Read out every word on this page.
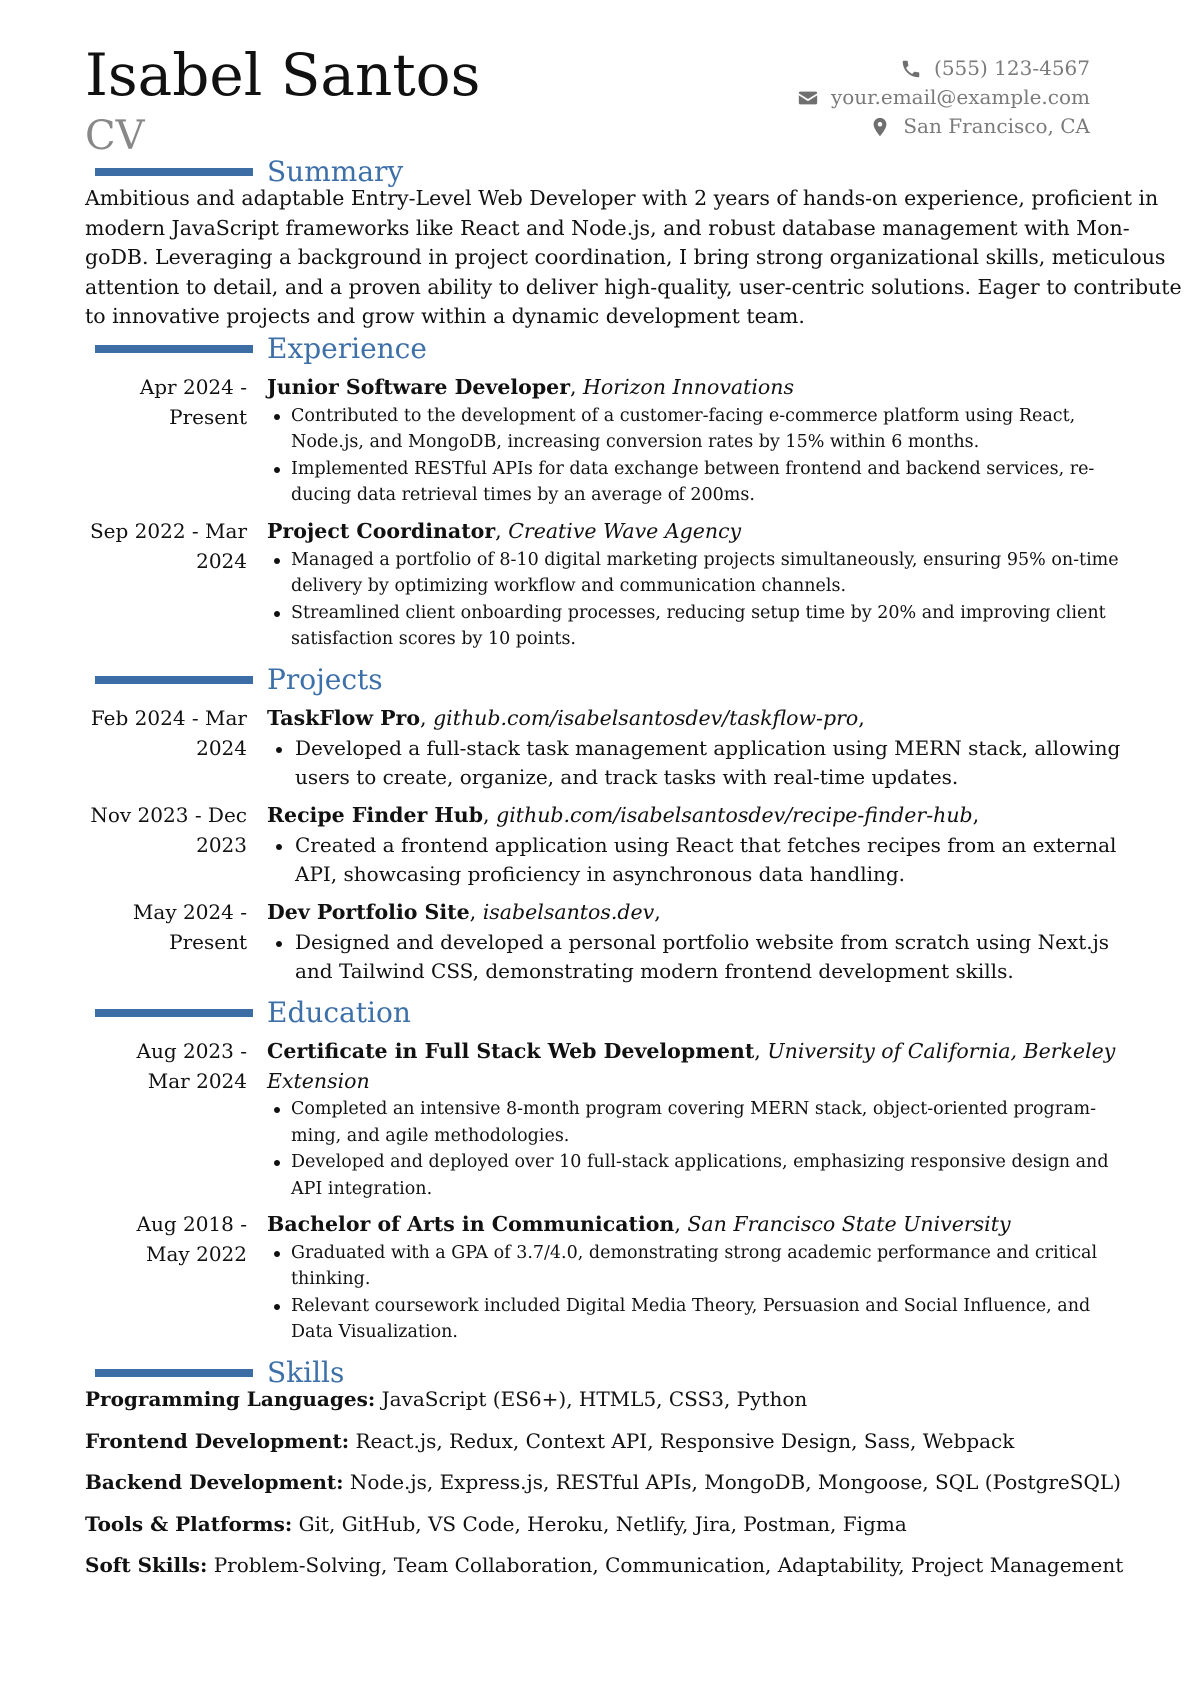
Isabel Santos
CV
(555) 123-4567
your.email@example.com
San Francisco, CA
Summary
Ambitious and adaptable Entry-Level Web Developer with 2 years of hands-on experience, proficient in
modern JavaScript frameworks like React and Node.js, and robust database management with Mon-
goDB. Leveraging a background in project coordination, I bring strong organizational skills, meticulous
attention to detail, and a proven ability to deliver high-quality, user-centric solutions. Eager to contribute
to innovative projects and grow within a dynamic development team.
Experience
Apr 2024 -
Present
Junior Software Developer, Horizon Innovations
Contributed to the development of a customer-facing e-commerce platform using React,
Node.js, and MongoDB, increasing conversion rates by 15% within 6 months.
Implemented RESTful APIs for data exchange between frontend and backend services, re-
ducing data retrieval times by an average of 200ms.
Sep 2022 - Mar
2024
Project Coordinator, Creative Wave Agency
Managed a portfolio of 8-10 digital marketing projects simultaneously, ensuring 95% on-time
delivery by optimizing workflow and communication channels.
Streamlined client onboarding processes, reducing setup time by 20% and improving client
satisfaction scores by 10 points.
Projects
Feb 2024 - Mar
2024
TaskFlow Pro, github.com/isabelsantosdev/taskflow-pro,
Developed a full-stack task management application using MERN stack, allowing
users to create, organize, and track tasks with real-time updates.
Nov 2023 - Dec
2023
Recipe Finder Hub, github.com/isabelsantosdev/recipe-finder-hub,
Created a frontend application using React that fetches recipes from an external
API, showcasing proficiency in asynchronous data handling.
May 2024 -
Present
Dev Portfolio Site, isabelsantos.dev,
Designed and developed a personal portfolio website from scratch using Next.js
and Tailwind CSS, demonstrating modern frontend development skills.
Education
Aug 2023 -
Mar 2024
Certificate in Full Stack Web Development, University of California, Berkeley
Extension
Completed an intensive 8-month program covering MERN stack, object-oriented program-
ming, and agile methodologies.
Developed and deployed over 10 full-stack applications, emphasizing responsive design and
API integration.
Aug 2018 -
May 2022
Bachelor of Arts in Communication, San Francisco State University
Graduated with a GPA of 3.7/4.0, demonstrating strong academic performance and critical
thinking.
Relevant coursework included Digital Media Theory, Persuasion and Social Influence, and
Data Visualization.
Skills
Programming Languages: JavaScript (ES6+), HTML5, CSS3, Python
Frontend Development: React.js, Redux, Context API, Responsive Design, Sass, Webpack
Backend Development: Node.js, Express.js, RESTful APIs, MongoDB, Mongoose, SQL (PostgreSQL)
Tools & Platforms: Git, GitHub, VS Code, Heroku, Netlify, Jira, Postman, Figma
Soft Skills: Problem-Solving, Team Collaboration, Communication, Adaptability, Project Management
